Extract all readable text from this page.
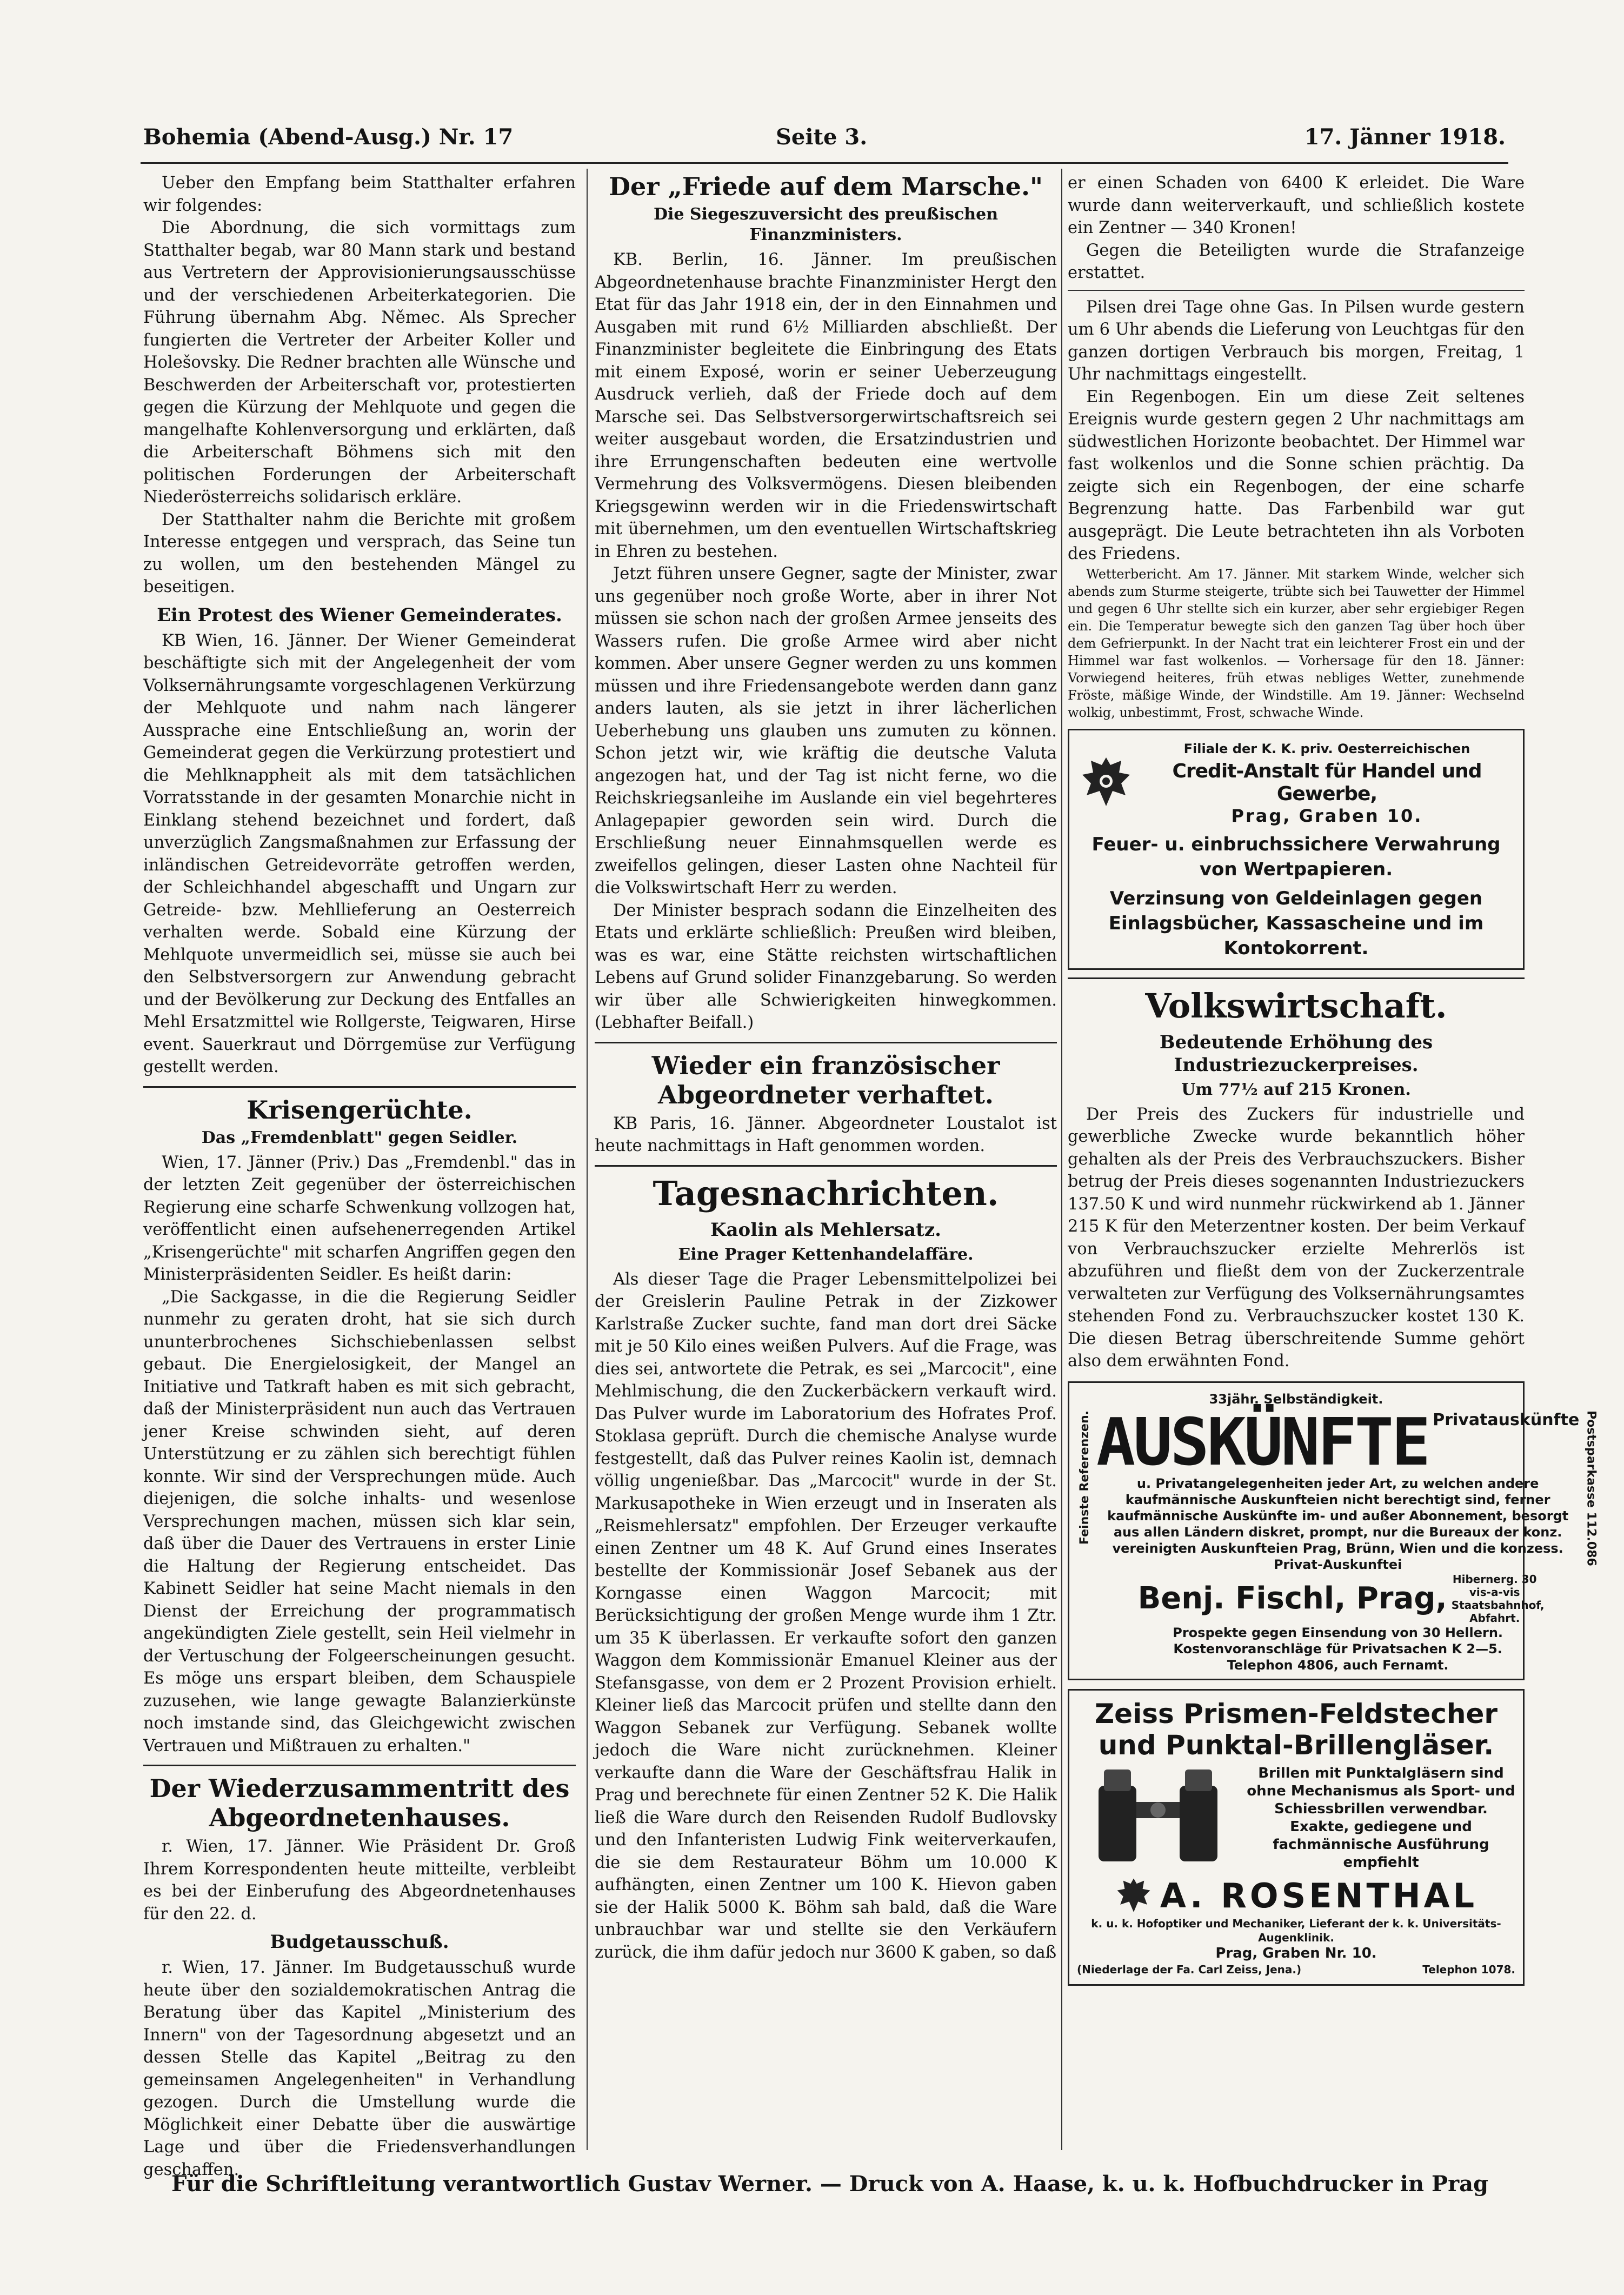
Bohemia (Abend-Ausg.) Nr. 17	Seite 3.	17. Jänner 1918.

Ueber den Empfang beim Statthalter erfahren wir folgendes:

Die Abordnung, die sich vormittags zum Statthalter begab, war 80 Mann stark und bestand aus Vertretern der Approvisionierungsausschüsse und der verschiedenen Arbeiterkategorien. Die Führung übernahm Abg. Němec. Als Sprecher fungierten die Vertreter der Arbeiter Koller und Holešovsky. Die Redner brachten alle Wünsche und Beschwerden der Arbeiterschaft vor, protestierten gegen die Kürzung der Mehlquote und gegen die mangelhafte Kohlenversorgung und erklärten, daß die Arbeiterschaft Böhmens sich mit den politischen Forderungen der Arbeiterschaft Niederösterreichs solidarisch erkläre.

Der Statthalter nahm die Berichte mit großem Interesse entgegen und versprach, das Seine tun zu wollen, um den bestehenden Mängel zu beseitigen.

Ein Protest des Wiener Gemeinderates.

KB Wien, 16. Jänner. Der Wiener Gemeinderat beschäftigte sich mit der Angelegenheit der vom Volksernährungsamte vorgeschlagenen Verkürzung der Mehlquote und nahm nach längerer Aussprache eine Entschließung an, worin der Gemeinderat gegen die Verkürzung protestiert und die Mehlknappheit als mit dem tatsächlichen Vorratsstande in der gesamten Monarchie nicht in Einklang stehend bezeichnet und fordert, daß unverzüglich Zangsmaßnahmen zur Erfassung der inländischen Getreidevorräte getroffen werden, der Schleichhandel abgeschafft und Ungarn zur Getreide- bzw. Mehllieferung an Oesterreich verhalten werde. Sobald eine Kürzung der Mehlquote unvermeidlich sei, müsse sie auch bei den Selbstversorgern zur Anwendung gebracht und der Bevölkerung zur Deckung des Entfalles an Mehl Ersatzmittel wie Rollgerste, Teigwaren, Hirse event. Sauerkraut und Dörrgemüse zur Verfügung gestellt werden.

Krisengerüchte.
Das „Fremdenblatt" gegen Seidler.

Wien, 17. Jänner (Priv.) Das „Fremdenbl." das in der letzten Zeit gegenüber der österreichischen Regierung eine scharfe Schwenkung vollzogen hat, veröffentlicht einen aufsehenerregenden Artikel „Krisengerüchte" mit scharfen Angriffen gegen den Ministerpräsidenten Seidler. Es heißt darin:

„Die Sackgasse, in die die Regierung Seidler nunmehr zu geraten droht, hat sie sich durch ununterbrochenes Sichschiebenlassen selbst gebaut. Die Energielosigkeit, der Mangel an Initiative und Tatkraft haben es mit sich gebracht, daß der Ministerpräsident nun auch das Vertrauen jener Kreise schwinden sieht, auf deren Unterstützung er zu zählen sich berechtigt fühlen konnte. Wir sind der Versprechungen müde. Auch diejenigen, die solche inhalts- und wesenlose Versprechungen machen, müssen sich klar sein, daß über die Dauer des Vertrauens in erster Linie die Haltung der Regierung entscheidet. Das Kabinett Seidler hat seine Macht niemals in den Dienst der Erreichung der programmatisch angekündigten Ziele gestellt, sein Heil vielmehr in der Vertuschung der Folgeerscheinungen gesucht. Es möge uns erspart bleiben, dem Schauspiele zuzusehen, wie lange gewagte Balanzierkünste noch imstande sind, das Gleichgewicht zwischen Vertrauen und Mißtrauen zu erhalten."

Der Wiederzusammentritt des Abgeordnetenhauses.

r. Wien, 17. Jänner. Wie Präsident Dr. Groß Ihrem Korrespondenten heute mitteilte, verbleibt es bei der Einberufung des Abgeordnetenhauses für den 22. d.

Budgetausschuß.

r. Wien, 17. Jänner. Im Budgetausschuß wurde heute über den sozialdemokratischen Antrag die Beratung über das Kapitel „Ministerium des Innern" von der Tagesordnung abgesetzt und an dessen Stelle das Kapitel „Beitrag zu den gemeinsamen Angelegenheiten" in Verhandlung gezogen. Durch die Umstellung wurde die Möglichkeit einer Debatte über die auswärtige Lage und über die Friedensverhandlungen geschaffen.

Der „Friede auf dem Marsche."
Die Siegeszuversicht des preußischen Finanzministers.

KB. Berlin, 16. Jänner. Im preußischen Abgeordnetenhause brachte Finanzminister Hergt den Etat für das Jahr 1918 ein, der in den Einnahmen und Ausgaben mit rund 6½ Milliarden abschließt. Der Finanzminister begleitete die Einbringung des Etats mit einem Exposé, worin er seiner Ueberzeugung Ausdruck verlieh, daß der Friede doch auf dem Marsche sei. Das Selbstversorgerwirtschaftsreich sei weiter ausgebaut worden, die Ersatzindustrien und ihre Errungenschaften bedeuten eine wertvolle Vermehrung des Volksvermögens. Diesen bleibenden Kriegsgewinn werden wir in die Friedenswirtschaft mit übernehmen, um den eventuellen Wirtschaftskrieg in Ehren zu bestehen.

Jetzt führen unsere Gegner, sagte der Minister, zwar uns gegenüber noch große Worte, aber in ihrer Not müssen sie schon nach der großen Armee jenseits des Wassers rufen. Die große Armee wird aber nicht kommen. Aber unsere Gegner werden zu uns kommen müssen und ihre Friedensangebote werden dann ganz anders lauten, als sie jetzt in ihrer lächerlichen Ueberhebung uns glauben uns zumuten zu können. Schon jetzt wir, wie kräftig die deutsche Valuta angezogen hat, und der Tag ist nicht ferne, wo die Reichskriegsanleihe im Auslande ein viel begehrteres Anlagepapier geworden sein wird. Durch die Erschließung neuer Einnahmsquellen werde es zweifellos gelingen, dieser Lasten ohne Nachteil für die Volkswirtschaft Herr zu werden.

Der Minister besprach sodann die Einzelheiten des Etats und erklärte schließlich: Preußen wird bleiben, was es war, eine Stätte reichsten wirtschaftlichen Lebens auf Grund solider Finanzgebarung. So werden wir über alle Schwierigkeiten hinwegkommen. (Lebhafter Beifall.)

Wieder ein französischer Abgeordneter verhaftet.

KB Paris, 16. Jänner. Abgeordneter Loustalot ist heute nachmittags in Haft genommen worden.

Tagesnachrichten.
Kaolin als Mehlersatz.
Eine Prager Kettenhandelaffäre.

Als dieser Tage die Prager Lebensmittelpolizei bei der Greislerin Pauline Petrak in der Zizkower Karlstraße Zucker suchte, fand man dort drei Säcke mit je 50 Kilo eines weißen Pulvers. Auf die Frage, was dies sei, antwortete die Petrak, es sei „Marcocit", eine Mehlmischung, die den Zuckerbäckern verkauft wird. Das Pulver wurde im Laboratorium des Hofrates Prof. Stoklasa geprüft. Durch die chemische Analyse wurde festgestellt, daß das Pulver reines Kaolin ist, demnach völlig ungenießbar. Das „Marcocit" wurde in der St. Markusapotheke in Wien erzeugt und in Inseraten als „Reismehlersatz" empfohlen. Der Erzeuger verkaufte einen Zentner um 48 K. Auf Grund eines Inserates bestellte der Kommissionär Josef Sebanek aus der Korngasse einen Waggon Marcocit; mit Berücksichtigung der großen Menge wurde ihm 1 Ztr. um 35 K überlassen. Er verkaufte sofort den ganzen Waggon dem Kommissionär Emanuel Kleiner aus der Stefansgasse, von dem er 2 Prozent Provision erhielt. Kleiner ließ das Marcocit prüfen und stellte dann den Waggon Sebanek zur Verfügung. Sebanek wollte jedoch die Ware nicht zurücknehmen. Kleiner verkaufte dann die Ware der Geschäftsfrau Halik in Prag und berechnete für einen Zentner 52 K. Die Halik ließ die Ware durch den Reisenden Rudolf Budlovsky und den Infanteristen Ludwig Fink weiterverkaufen, die sie dem Restaurateur Böhm um 10.000 K aufhängten, einen Zentner um 100 K. Hievon gaben sie der Halik 5000 K. Böhm sah bald, daß die Ware unbrauchbar war und stellte sie den Verkäufern zurück, die ihm dafür jedoch nur 3600 K gaben, so daß

er einen Schaden von 6400 K erleidet. Die Ware wurde dann weiterverkauft, und schließlich kostete ein Zentner — 340 Kronen!

Gegen die Beteiligten wurde die Strafanzeige erstattet.

Pilsen drei Tage ohne Gas. In Pilsen wurde gestern um 6 Uhr abends die Lieferung von Leuchtgas für den ganzen dortigen Verbrauch bis morgen, Freitag, 1 Uhr nachmittags eingestellt.

Ein Regenbogen. Ein um diese Zeit seltenes Ereignis wurde gestern gegen 2 Uhr nachmittags am südwestlichen Horizonte beobachtet. Der Himmel war fast wolkenlos und die Sonne schien prächtig. Da zeigte sich ein Regenbogen, der eine scharfe Begrenzung hatte. Das Farbenbild war gut ausgeprägt. Die Leute betrachteten ihn als Vorboten des Friedens.

Wetterbericht. Am 17. Jänner. Mit starkem Winde, welcher sich abends zum Sturme steigerte, trübte sich bei Tauwetter der Himmel und gegen 6 Uhr stellte sich ein kurzer, aber sehr ergiebiger Regen ein. Die Temperatur bewegte sich den ganzen Tag über hoch über dem Gefrierpunkt. In der Nacht trat ein leichterer Frost ein und der Himmel war fast wolkenlos. — Vorhersage für den 18. Jänner: Vorwiegend heiteres, früh etwas nebliges Wetter, zunehmende Fröste, mäßige Winde, der Windstille. Am 19. Jänner: Wechselnd wolkig, unbestimmt, Frost, schwache Winde.

Filiale der K. K. priv. Oesterreichischen
Credit-Anstalt für Handel und Gewerbe,
Prag, Graben 10.
Feuer- u. einbruchssichere Verwahrung von Wertpapieren.
Verzinsung von Geldeinlagen gegen Einlagsbücher, Kassascheine und im Kontokorrent.
Volkswirtschaft.
Bedeutende Erhöhung des Industriezuckerpreises.
Um 77½ auf 215 Kronen.

Der Preis des Zuckers für industrielle und gewerbliche Zwecke wurde bekanntlich höher gehalten als der Preis des Verbrauchszuckers. Bisher betrug der Preis dieses sogenannten Industriezuckers 137.50 K und wird nunmehr rückwirkend ab 1. Jänner 215 K für den Meterzentner kosten. Der beim Verkauf von Verbrauchszucker erzielte Mehrerlös ist abzuführen und fließt dem von der Zuckerzentrale verwalteten zur Verfügung des Volksernährungsamtes stehenden Fond zu. Verbrauchszucker kostet 130 K. Die diesen Betrag überschreitende Summe gehört also dem erwähnten Fond.

33jähr. Selbständigkeit.
Feinste Referenzen. AUSKÜNFTE Privatauskünfte
u. Privatangelegenheiten jeder Art, zu welchen andere kaufmännische Auskunfteien nicht berechtigt sind, ferner kaufmännische Auskünfte im- und außer Abonnement, besorgt aus allen Ländern diskret, prompt, nur die Bureaux der konz. vereinigten Auskunfteien Prag, Brünn, Wien und die konzess. Privat-Auskunftei
Benj. Fischl, Prag,
Hibernerg. 30 vis-a-vis Staatsbahnhof, Abfahrt.
Prospekte gegen Einsendung von 30 Hellern. Kostenvoranschläge für Privatsachen K 2—5.
Telephon 4806, auch Fernamt.
Postsparkasse 112.086
Zeiss Prismen-Feldstecher
und Punktal-Brillengläser.
Brillen mit Punktalgläsern sind ohne Mechanismus als Sport- und Schiessbrillen verwendbar. Exakte, gediegene und fachmännische Ausführung empfiehlt
A. ROSENTHAL
k. u. k. Hofoptiker und Mechaniker, Lieferant der k. k. Universitäts-Augenklinik.
Prag, Graben Nr. 10.
(Niederlage der Fa. Carl Zeiss, Jena.)	Telephon 1078.
Für die Schriftleitung verantwortlich Gustav Werner. — Druck von A. Haase, k. u. k. Hofbuchdrucker in Prag
